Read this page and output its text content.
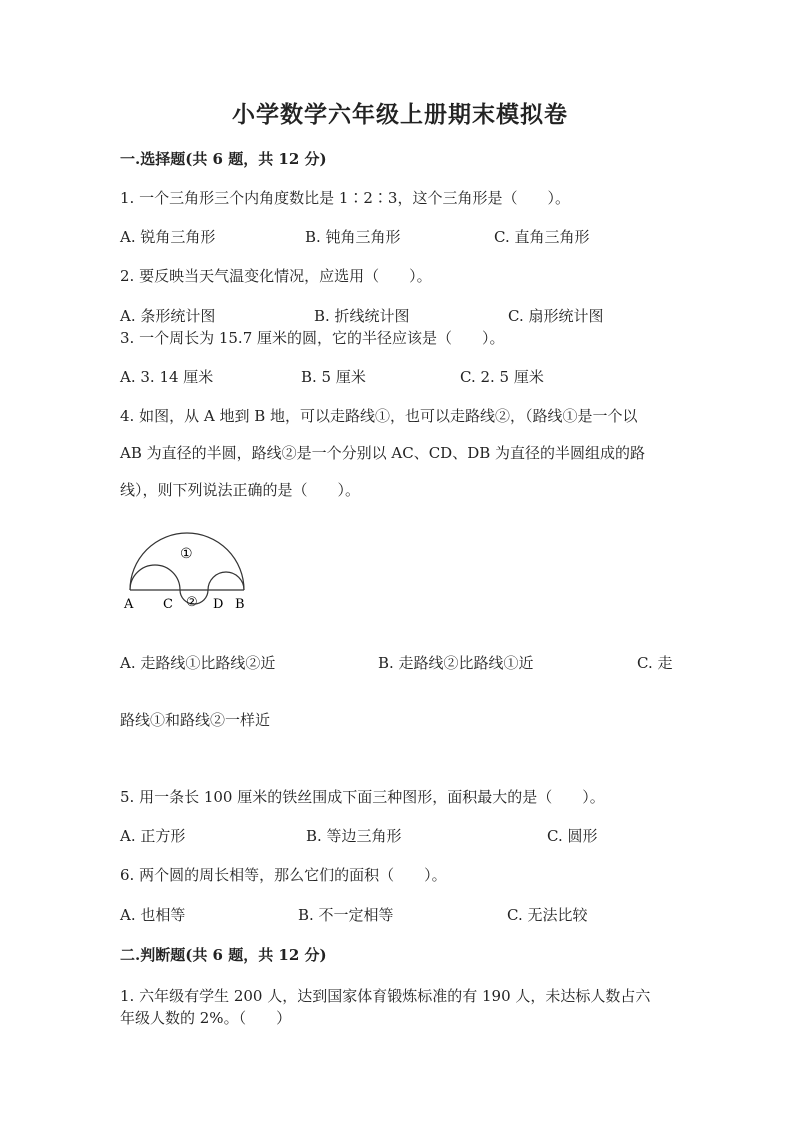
小学数学六年级上册期末模拟卷
一.选择题(共 6 题，共 12 分)
1. 一个三角形三个内角度数比是 1∶2∶3，这个三角形是（　　）。
A. 锐角三角形	B. 钝角三角形	C. 直角三角形
2. 要反映当天气温变化情况，应选用（　　）。
A. 条形统计图	B. 折线统计图	C. 扇形统计图
3. 一个周长为 15.7 厘米的圆，它的半径应该是（　　）。
A. 3. 14 厘米	B. 5 厘米	C. 2. 5 厘米
4. 如图，从 A 地到 B 地，可以走路线①，也可以走路线②，（路线①是一个以
AB 为直径的半圆，路线②是一个分别以 AC、CD、DB 为直径的半圆组成的路
线），则下列说法正确的是（　　）。
①
A C ② D B
A. 走路线①比路线②近	B. 走路线②比路线①近	C. 走
路线①和路线②一样近
5. 用一条长 100 厘米的铁丝围成下面三种图形，面积最大的是（　　）。
A. 正方形	B. 等边三角形	C. 圆形
6. 两个圆的周长相等，那么它们的面积（　　）。
A. 也相等	B. 不一定相等	C. 无法比较
二.判断题(共 6 题，共 12 分)
1. 六年级有学生 200 人，达到国家体育锻炼标准的有 190 人，未达标人数占六
年级人数的 2%。（　　）
